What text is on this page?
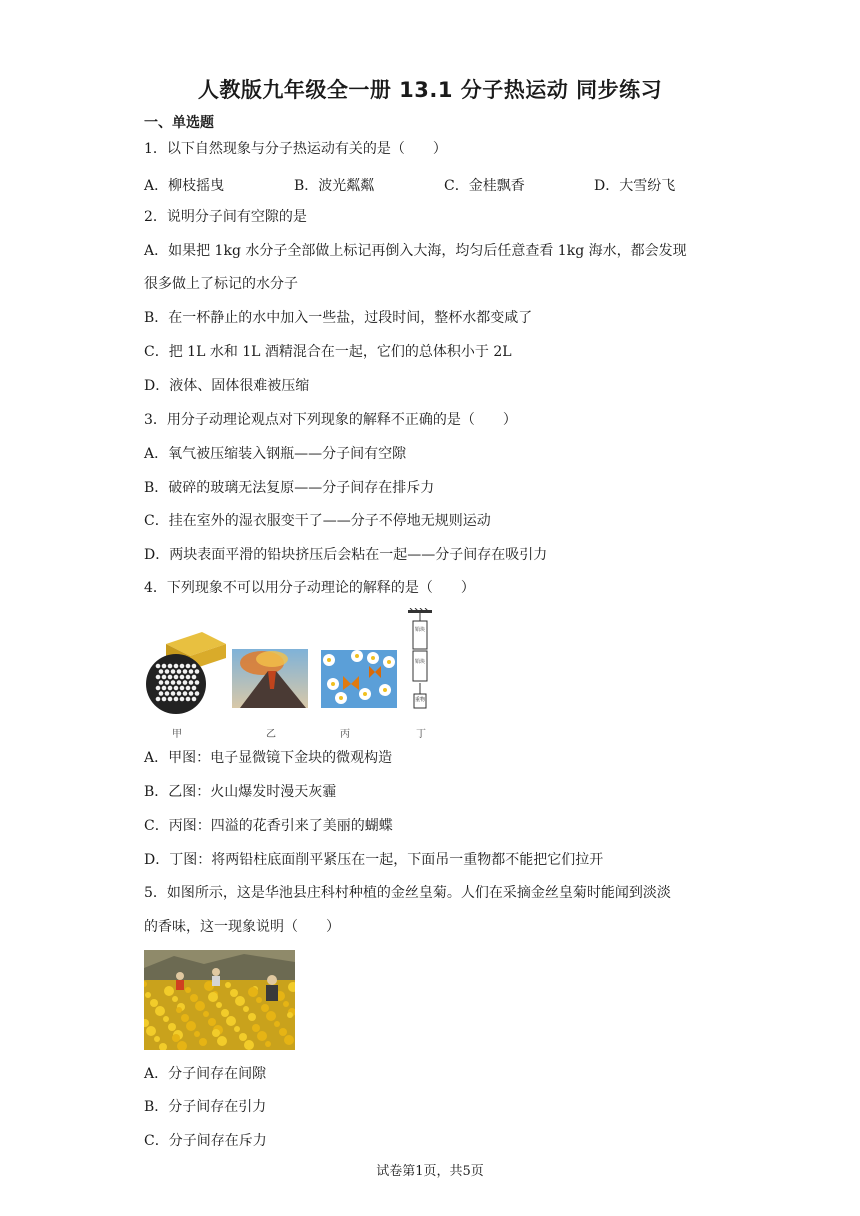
人教版九年级全一册 13.1 分子热运动 同步练习
一、单选题
1．以下自然现象与分子热运动有关的是（　　）
A．柳枝摇曳	B．波光粼粼	C．金桂飘香	D．大雪纷飞
2．说明分子间有空隙的是
A．如果把 1kg 水分子全部做上标记再倒入大海，均匀后任意查看 1kg 海水，都会发现
很多做上了标记的水分子
B．在一杯静止的水中加入一些盐，过段时间，整杯水都变咸了
C．把 1L 水和 1L 酒精混合在一起，它们的总体积小于 2L
D．液体、固体很难被压缩
3．用分子动理论观点对下列现象的解释不正确的是（　　）
A．氧气被压缩装入钢瓶——分子间有空隙
B．破碎的玻璃无法复原——分子间存在排斥力
C．挂在室外的湿衣服变干了——分子不停地无规则运动
D．两块表面平滑的铅块挤压后会粘在一起——分子间存在吸引力
4．下列现象不可以用分子动理论的解释的是（　　）
甲	乙	丙
铅块
铅块
重物
丁
A．甲图：电子显微镜下金块的微观构造
B．乙图：火山爆发时漫天灰霾
C．丙图：四溢的花香引来了美丽的蝴蝶
D．丁图：将两铅柱底面削平紧压在一起，下面吊一重物都不能把它们拉开
5．如图所示，这是华池县庄科村种植的金丝皇菊。人们在采摘金丝皇菊时能闻到淡淡
的香味，这一现象说明（　　）
A．分子间存在间隙
B．分子间存在引力
C．分子间存在斥力
试卷第1页，共5页
